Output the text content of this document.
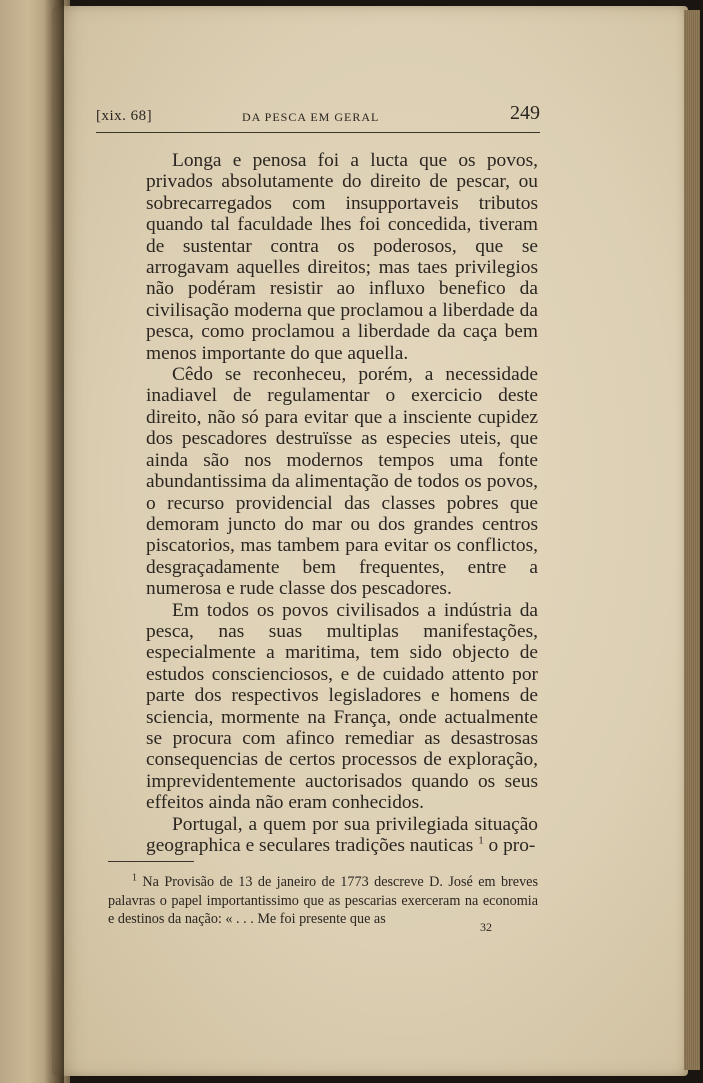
[xix. 68]	DA PESCA EM GERAL	249

Longa e penosa foi a lucta que os povos, privados absolutamente do direito de pescar, ou sobrecarregados com insupportaveis tributos quando tal faculdade lhes foi concedida, tiveram de sustentar contra os poderosos, que se arrogavam aquelles direitos; mas taes privilegios não podéram resistir ao influxo benefico da civilisação moderna que proclamou a liberdade da pesca, como proclamou a liberdade da caça bem menos importante do que aquella.

Cêdo se reconheceu, porém, a necessidade inadiavel de regulamentar o exercicio deste direito, não só para evitar que a insciente cupidez dos pescadores destruïsse as especies uteis, que ainda são nos modernos tempos uma fonte abundantissima da alimentação de todos os povos, o recurso providencial das classes pobres que demoram juncto do mar ou dos grandes centros piscatorios, mas tambem para evitar os conflictos, desgraçadamente bem frequentes, entre a numerosa e rude classe dos pescadores.

Em todos os povos civilisados a indústria da pesca, nas suas multiplas manifestações, especialmente a maritima, tem sido objecto de estudos conscienciosos, e de cuidado attento por parte dos respectivos legisladores e homens de sciencia, mormente na França, onde actualmente se procura com afinco remediar as desastrosas consequencias de certos processos de exploração, imprevidentemente auctorisados quando os seus effeitos ainda não eram conhecidos.

Portugal, a quem por sua privilegiada situação geographica e seculares tradições nauticas $^1$ o pro-

$^1$ Na Provisão de 13 de janeiro de 1773 descreve D. José em breves palavras o papel importantissimo que as pescarias exerceram na economia e destinos da nação: « . . . Me foi presente que as	32
